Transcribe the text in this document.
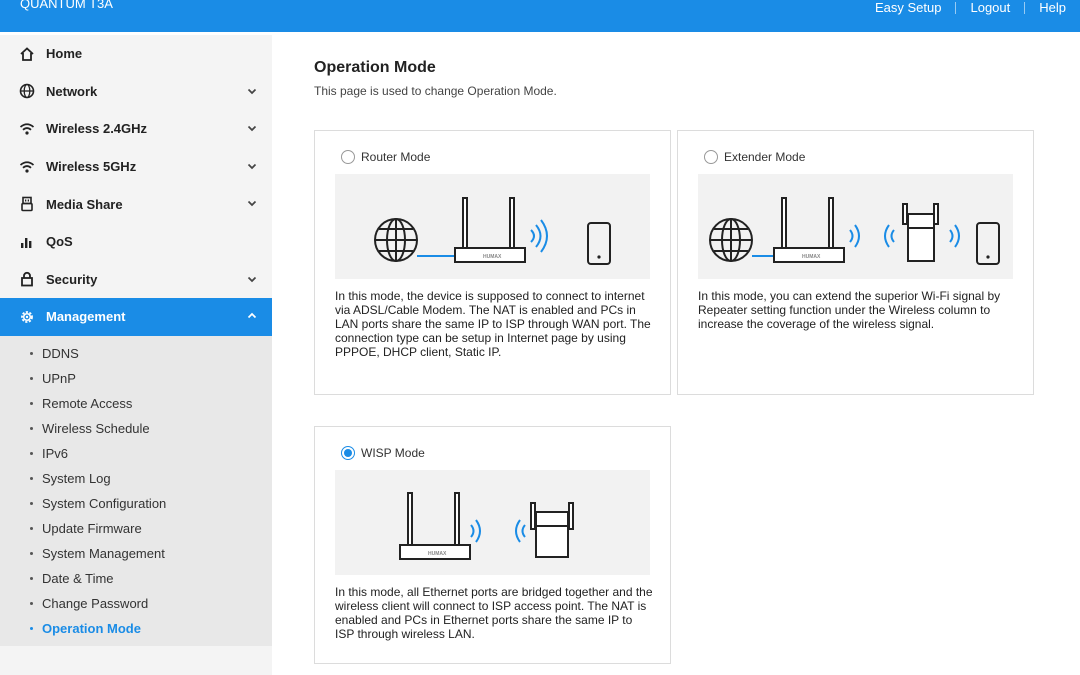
QUANTUM T3A	Easy Setup	Logout	Help
Home
Network
Wireless 2.4GHz
Wireless 5GHz
Media Share
QoS
Security
Management
DDNS
UPnP
Remote Access
Wireless Schedule
IPv6
System Log
System Configuration
Update Firmware
System Management
Date & Time
Change Password
Operation Mode
Operation Mode
This page is used to change Operation Mode.
Router Mode
HUMAX
In this mode, the device is supposed to connect to internet via ADSL/Cable Modem. The NAT is enabled and PCs in LAN ports share the same IP to ISP through WAN port. The connection type can be setup in Internet page by using PPPOE, DHCP client, Static IP.
Extender Mode
HUMAX
In this mode, you can extend the superior Wi-Fi signal by Repeater setting function under the Wireless column to increase the coverage of the wireless signal.
WISP Mode
HUMAX
In this mode, all Ethernet ports are bridged together and the wireless client will connect to ISP access point. The NAT is enabled and PCs in Ethernet ports share the same IP to ISP through wireless LAN.
